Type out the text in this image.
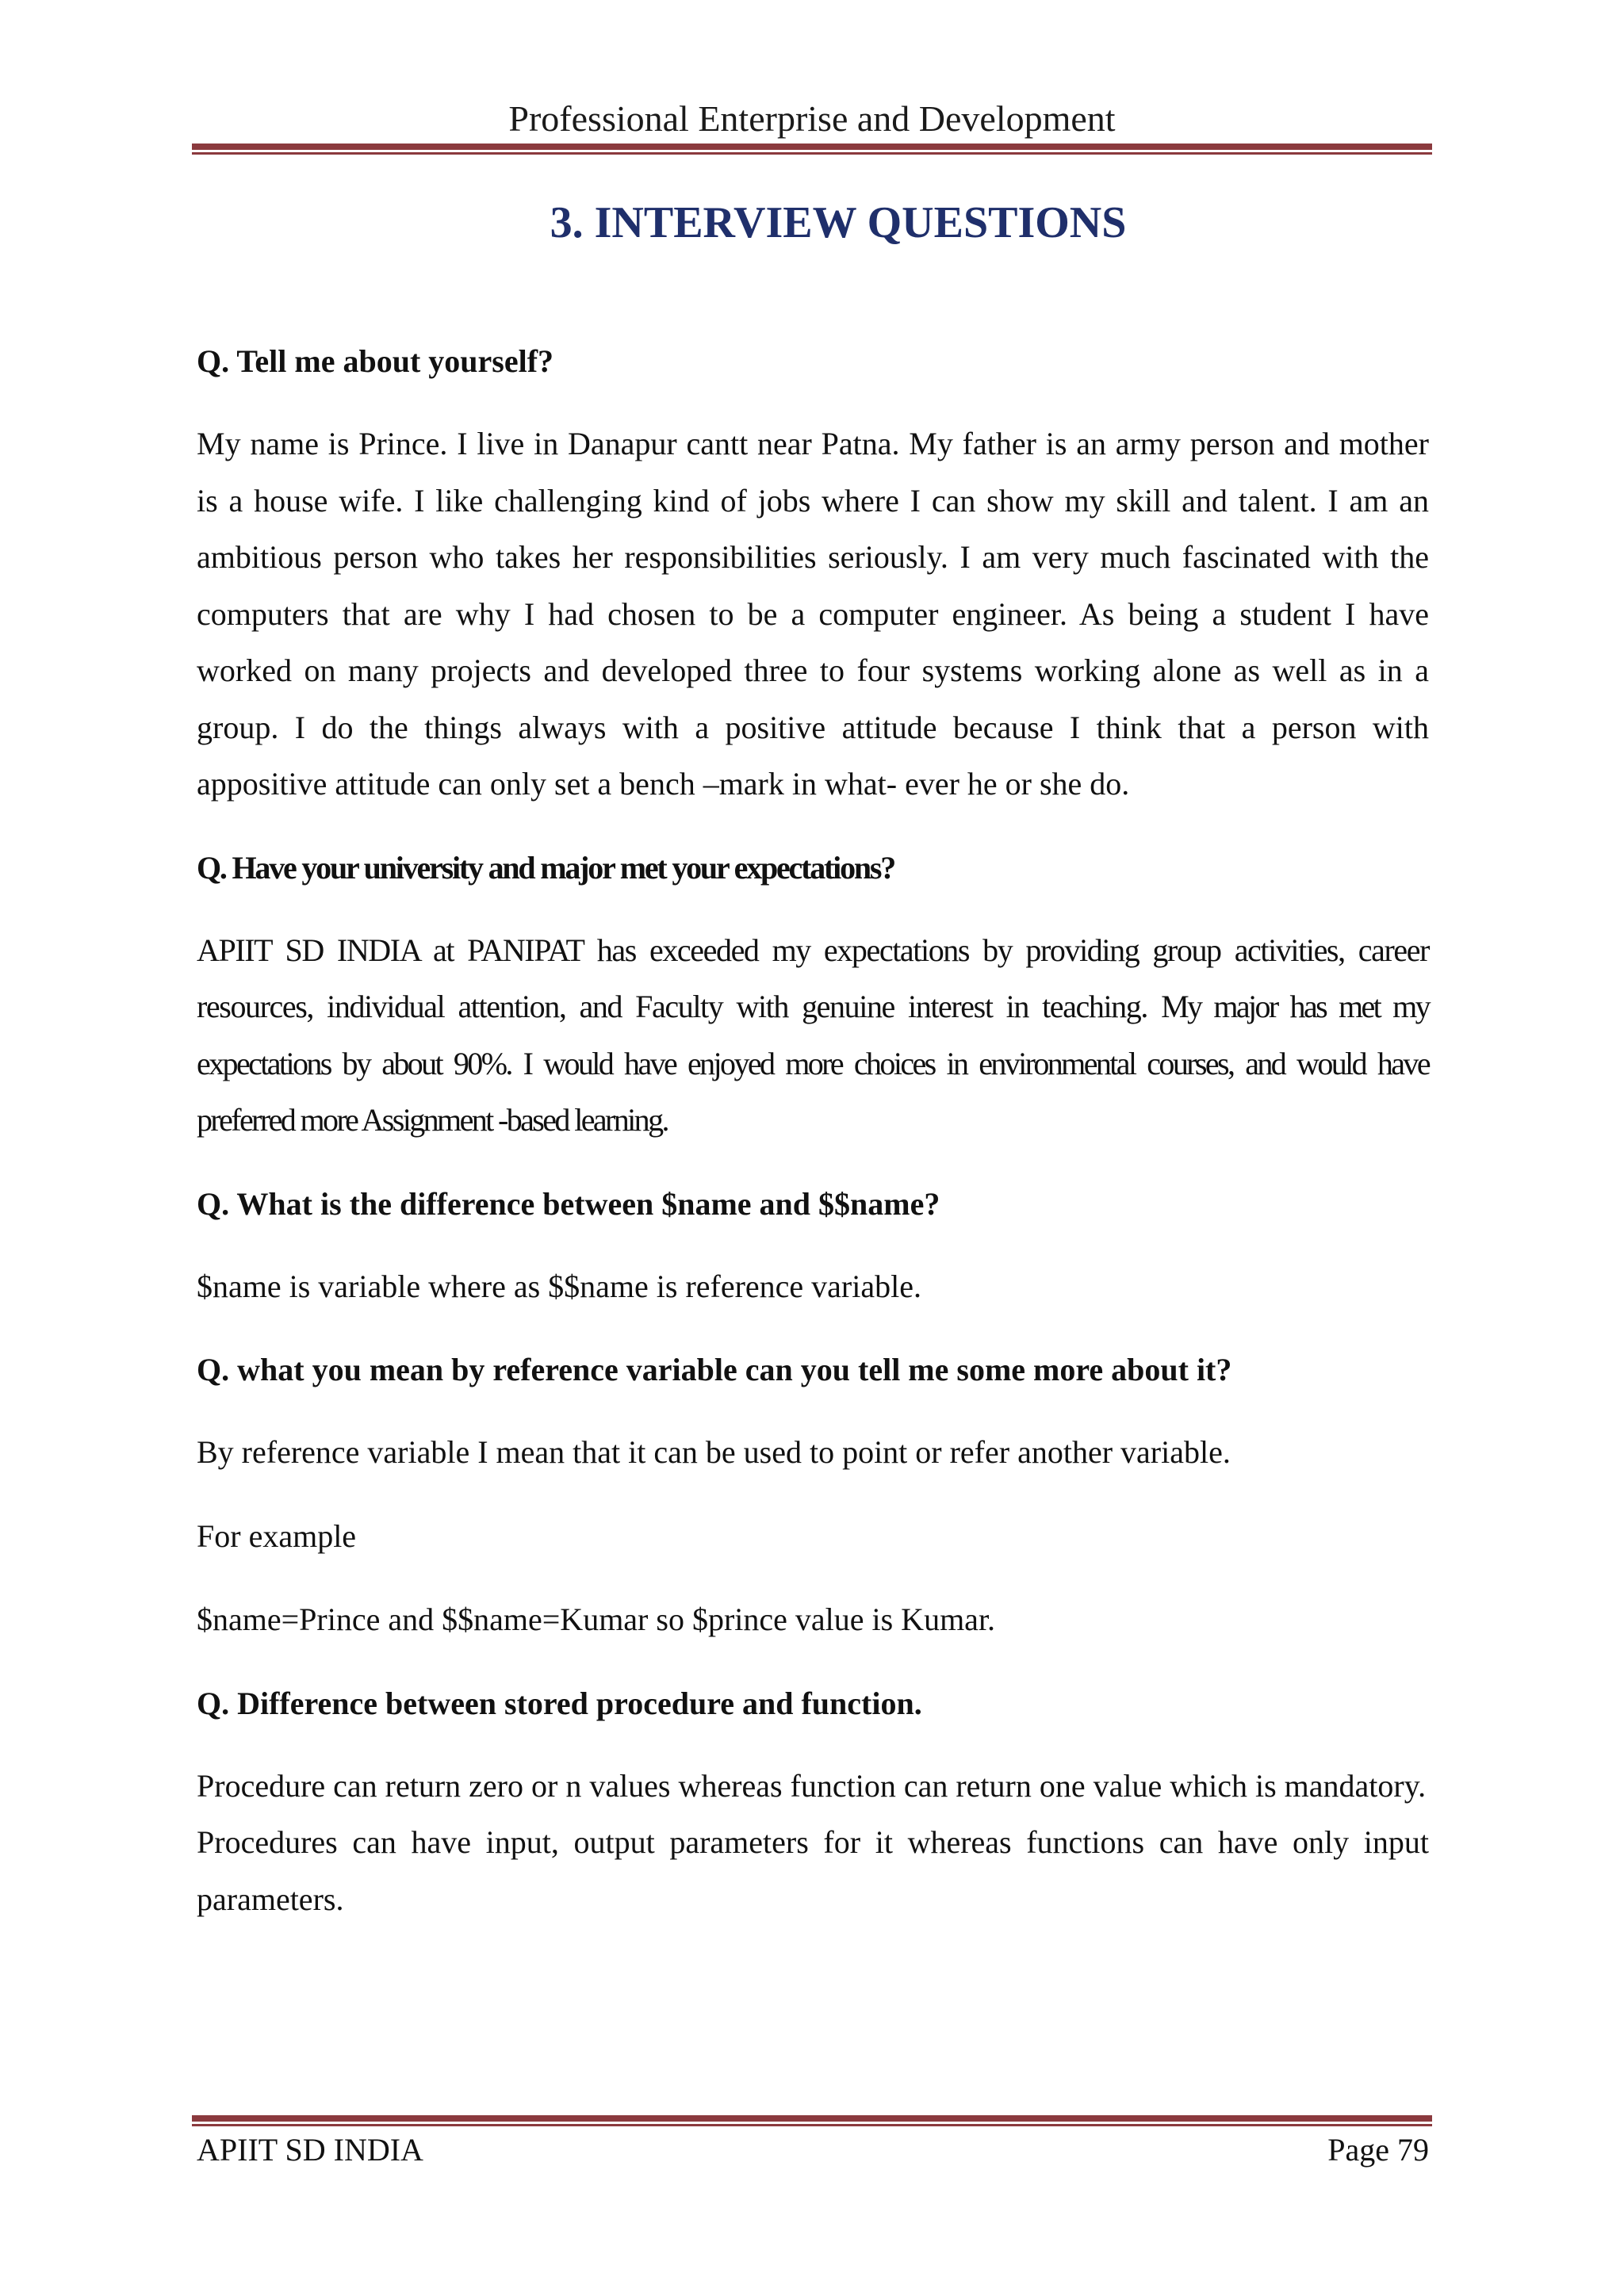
Professional Enterprise and Development
3. INTERVIEW QUESTIONS

Q. Tell me about yourself?

My name is Prince. I live in Danapur cantt near Patna. My father is an army person and mother is a house wife. I like challenging kind of jobs where I can show my skill and talent. I am an ambitious person who takes her responsibilities seriously. I am very much fascinated with the computers that are why I had chosen to be a computer engineer. As being a student I have worked on many projects and developed three to four systems working alone as well as in a group. I do the things always with a positive attitude because I think that a person with appositive attitude can only set a bench –mark in what- ever he or she do.

Q. Have your university and major met your expectations?

APIIT SD INDIA at PANIPAT has exceeded my expectations by providing group activities, career resources, individual attention, and Faculty with genuine interest in teaching. My major has met my expectations by about 90%. I would have enjoyed more choices in environmental courses, and would have preferred more Assignment -based learning.

Q. What is the difference between $name and $$name?

$name is variable where as $$name is reference variable.

Q. what you mean by reference variable can you tell me some more about it?

By reference variable I mean that it can be used to point or refer another variable.

For example

$name=Prince and $$name=Kumar so $prince value is Kumar.

Q. Difference between stored procedure and function.

Procedure can return zero or n values whereas function can return one value which is mandatory.

Procedures can have input, output parameters for it whereas functions can have only input parameters.

APIIT SD INDIA	Page 79
